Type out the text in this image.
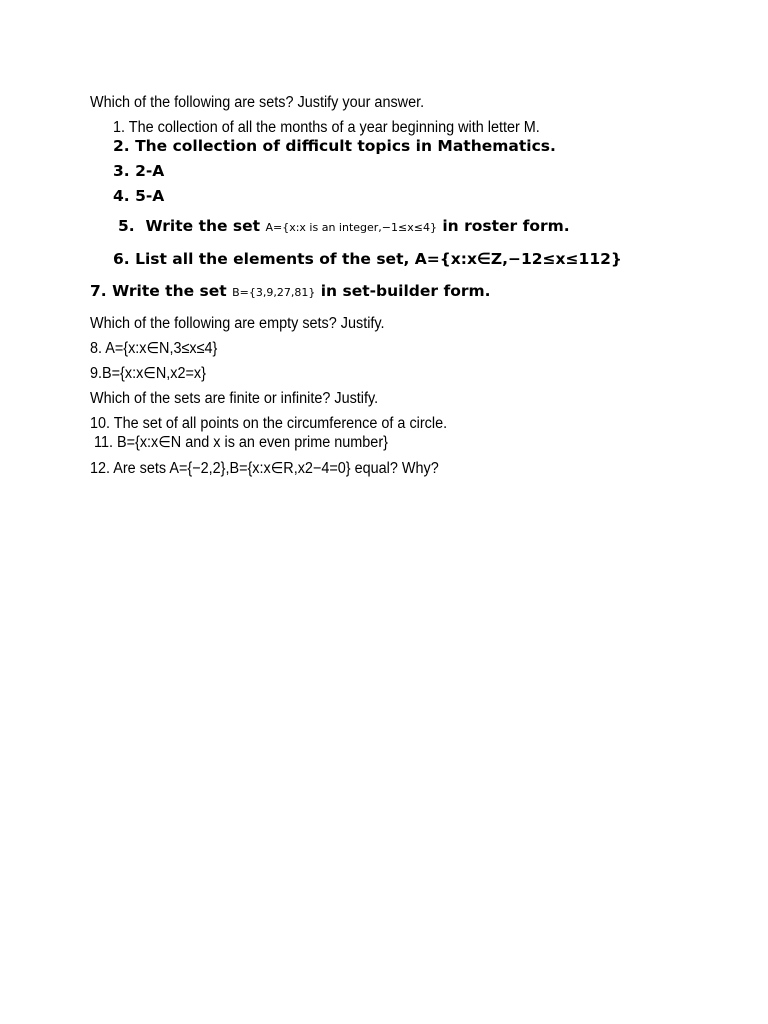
Which of the following are sets? Justify your answer.
1. The collection of all the months of a year beginning with letter M.
2. The collection of difficult topics in Mathematics.
3. 2-A
4. 5-A
5.  Write the set A={x:x is an integer,−1≤x≤4} in roster form.
6. List all the elements of the set, A={x:x∈Z,−12≤x≤112}
7. Write the set B={3,9,27,81} in set-builder form.
Which of the following are empty sets? Justify.
8. A={x:x∈N,3≤x≤4}
9.B={x:x∈N,x2=x}
Which of the sets are finite or infinite? Justify.
10. The set of all points on the circumference of a circle.
11. B={x:x∈N and x is an even prime number}
12. Are sets A={−2,2},B={x:x∈R,x2−4=0} equal? Why?
